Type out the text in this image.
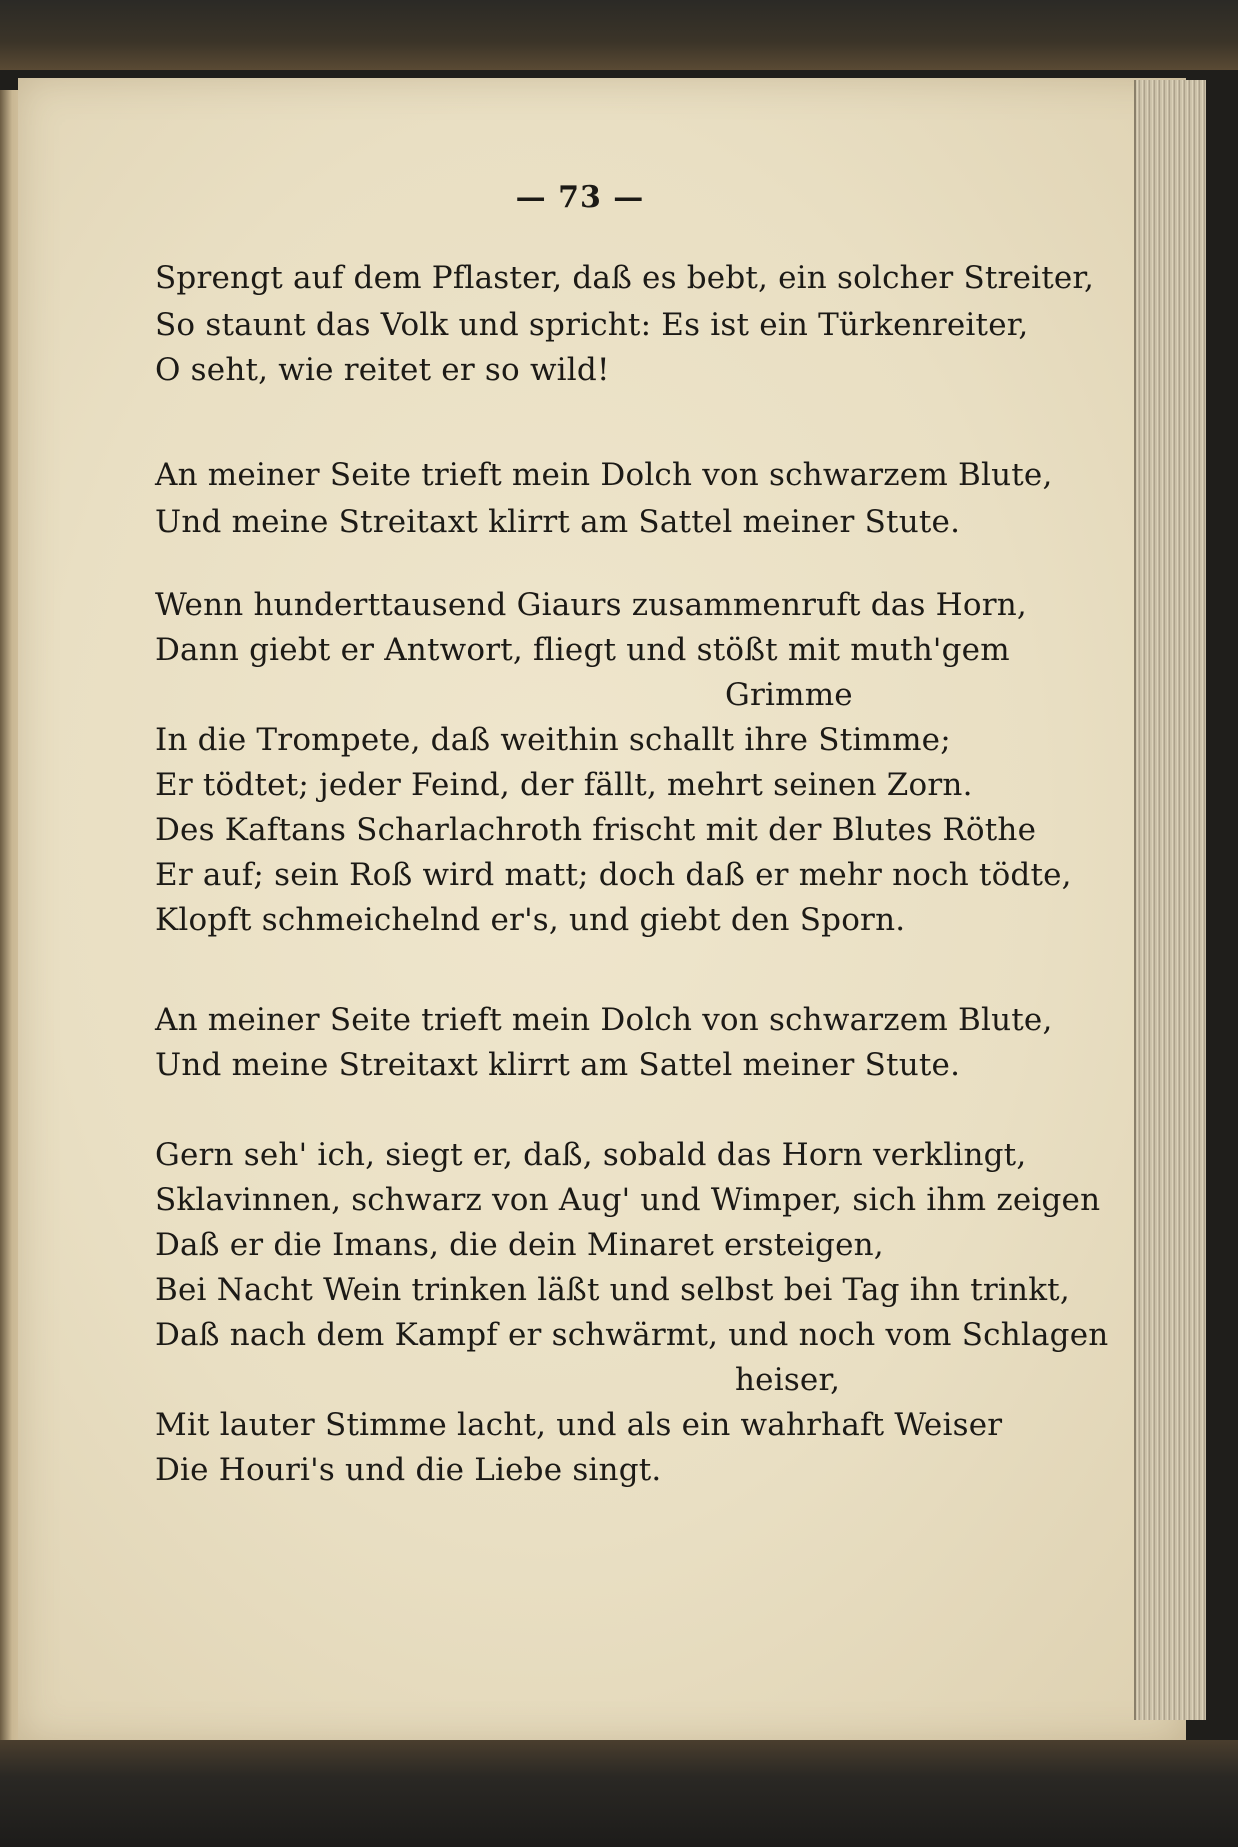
— 73 —
Sprengt auf dem Pflaster, daß es bebt, ein solcher Streiter,
So staunt das Volk und spricht: Es ist ein Türkenreiter,
O seht, wie reitet er so wild!
An meiner Seite trieft mein Dolch von schwarzem Blute,
Und meine Streitaxt klirrt am Sattel meiner Stute.
Wenn hunderttausend Giaurs zusammenruft das Horn,
Dann giebt er Antwort, fliegt und stößt mit muth'gem
Grimme
In die Trompete, daß weithin schallt ihre Stimme;
Er tödtet; jeder Feind, der fällt, mehrt seinen Zorn.
Des Kaftans Scharlachroth frischt mit der Blutes Röthe
Er auf; sein Roß wird matt; doch daß er mehr noch tödte,
Klopft schmeichelnd er's, und giebt den Sporn.
An meiner Seite trieft mein Dolch von schwarzem Blute,
Und meine Streitaxt klirrt am Sattel meiner Stute.
Gern seh' ich, siegt er, daß, sobald das Horn verklingt,
Sklavinnen, schwarz von Aug' und Wimper, sich ihm zeigen
Daß er die Imans, die dein Minaret ersteigen,
Bei Nacht Wein trinken läßt und selbst bei Tag ihn trinkt,
Daß nach dem Kampf er schwärmt, und noch vom Schlagen
heiser,
Mit lauter Stimme lacht, und als ein wahrhaft Weiser
Die Houri's und die Liebe singt.
